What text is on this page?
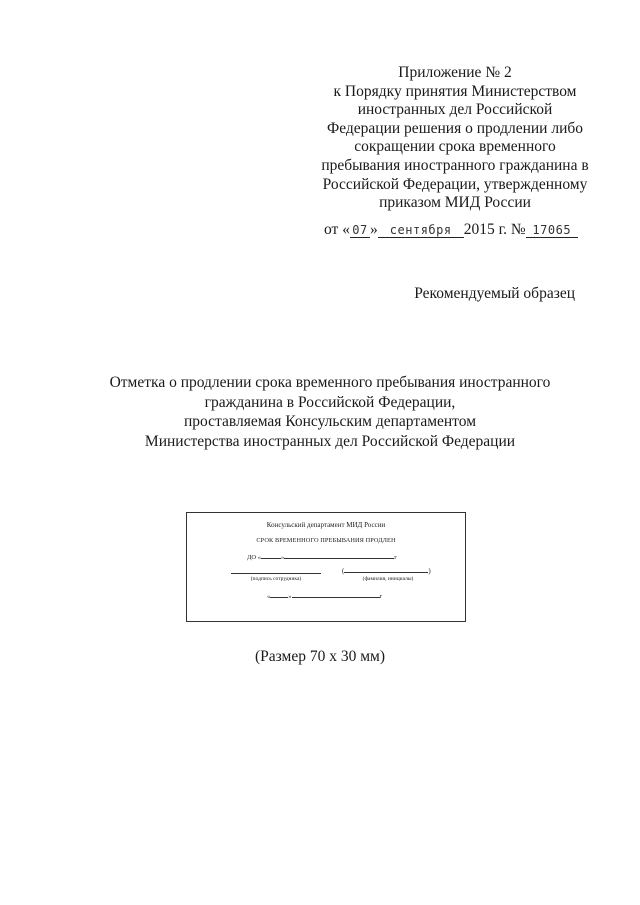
Приложение № 2
к Порядку принятия Министерством
иностранных дел Российской
Федерации решения о продлении либо
сокращении срока временного
пребывания иностранного гражданина в
Российской Федерации, утвержденному
приказом МИД России
от « 07 » сентября 2015 г. № 17065
Рекомендуемый образец
Отметка о продлении срока временного пребывания иностранного
гражданина в Российской Федерации,
проставляемая Консульским департаментом
Министерства иностранных дел Российской Федерации
Консульский департамент МИД России
СРОК ВРЕМЕННОГО ПРЕБЫВАНИЯ ПРОДЛЕН
ДО «	»	г
(подпись сотрудника)
(	)
(фамилия, инициалы)
«	»	г
(Размер 70 х 30 мм)
